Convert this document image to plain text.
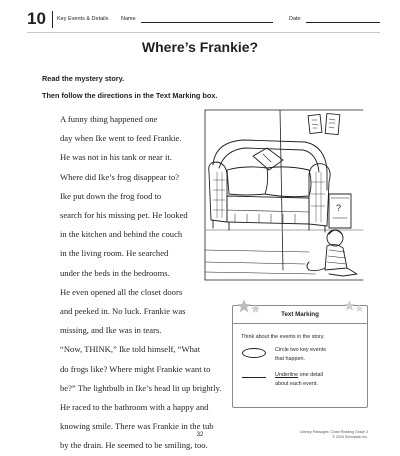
10 Key Events & Details Name	Date
Where’s Frankie?
Read the mystery story.
Then follow the directions in the Text Marking box.

A funny thing happened one
day when Ike went to feed Frankie.
He was not in his tank or near it.
Where did Ike’s frog disappear to?

Ike put down the frog food to
search for his missing pet. He looked
in the kitchen and behind the couch
in the living room. He searched
under the beds in the bedrooms.
He even opened all the closet doors
and peeked in. No luck. Frankie was
missing, and Ike was in tears.

“Now, THINK,” Ike told himself, “What
do frogs like? Where might Frankie want to
be?” The lightbulb in Ike’s head lit up brightly.
He raced to the bathroom with a happy and
knowing smile. There was Frankie in the tub
by the drain. He seemed to be smiling, too.

?
Text Marking
Think about the events in the story.
Circle two key events
that happen.
Underline one detail
about each event.
32	Literary Passages: Close Reading Grade 3
© 2016 Scholastic Inc.
